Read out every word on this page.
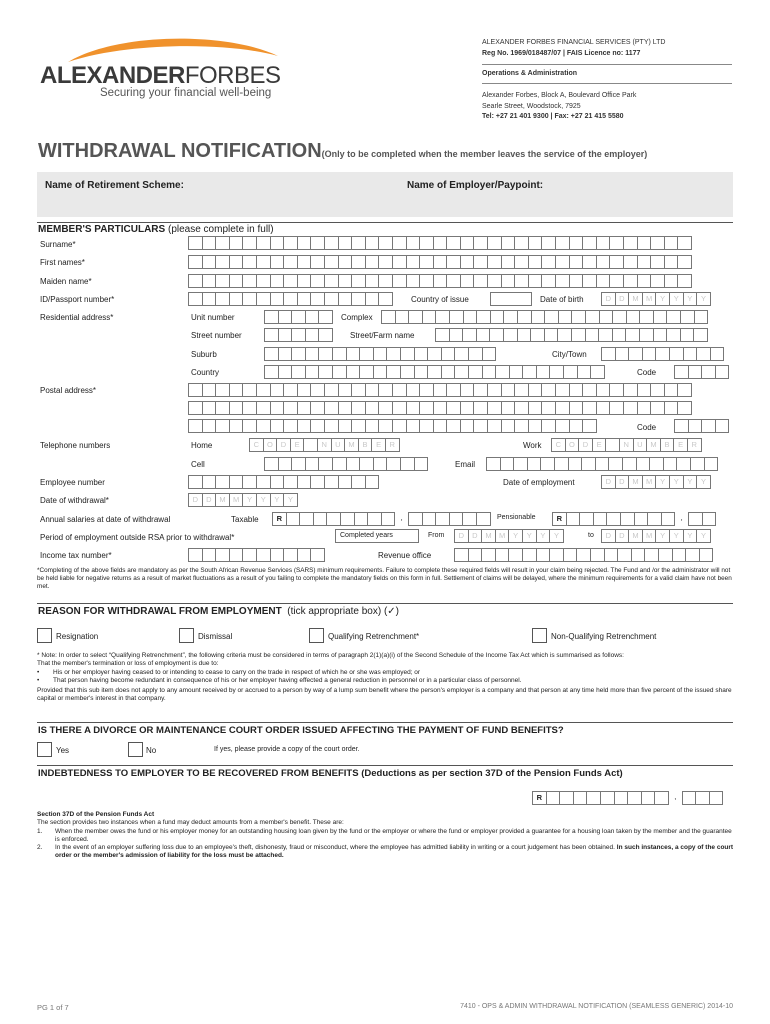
ALEXANDERFORBES
Securing your financial well-being
ALEXANDER FORBES FINANCIAL SERVICES (PTY) LTD
Reg No. 1969/018487/07 | FAIS Licence no: 1177
Operations & Administration
Alexander Forbes, Block A, Boulevard Office Park
Searle Street, Woodstock, 7925
Tel: +27 21 401 9300 | Fax: +27 21 415 5580
WITHDRAWAL NOTIFICATION(Only to be completed when the member leaves the service of the employer)
Name of Retirement Scheme:	Name of Employer/Paypoint:
MEMBER'S PARTICULARS (please complete in full)
Surname*
First names*
Maiden name*
ID/Passport number*	Country of issue	Date of birth	D	D	M M	Y	Y	Y	Y
Residential address*	Unit number	Complex
Street number	Street/Farm name
Suburb	City/Town
Country	Code
Postal address*
Code
Telephone numbers	Home	C	O	D	E	N	U	M	B	E	R	Work	C	O	D	E	N	U	M	B	E	R
Cell	Email
Employee number	Date of employment	D	D	M M	Y	Y	Y	Y
Date of withdrawal*	D	D	M M	Y	Y	Y	Y
Annual salaries at date of withdrawal	Taxable	R	,	Pensionable	R	,
Period of employment outside RSA prior to withdrawal*	Completed years	From	D	D	M M	Y	Y	Y	Y	to	D	D	M M	Y	Y	Y	Y
Income tax number*	Revenue office
*Completing of the above fields are mandatory as per the South African Revenue Services (SARS) minimum requirements. Failure to complete these required fields will result in your claim being rejected. The Fund and /or the administrator will not be held liable for negative returns as a result of market fluctuations as a result of you failing to complete the mandatory fields on this form in full. Settlement of claims will be delayed, where the minimum requirements for a valid claim have not been met.
REASON FOR WITHDRAWAL FROM EMPLOYMENT (tick appropriate box) (✓)
Resignation	Dismissal	Qualifying Retrenchment*	Non-Qualifying Retrenchment
* Note: In order to select “Qualifying Retrenchment”, the following criteria must be considered in terms of paragraph 2(1)(a)(i) of the Second Schedule of the Income Tax Act which is summarised as follows:
That the member's termination or loss of employment is due to:
•	His or her employer having ceased to or intending to cease to carry on the trade in respect of which he or she was employed; or
•	That person having become redundant in consequence of his or her employer having effected a general reduction in personnel or in a particular class of personnel.
Provided that this sub item does not apply to any amount received by or accrued to a person by way of a lump sum benefit where the person's employer is a company and that person at any time held more than five percent of the issued share capital or member's interest in that company.
IS THERE A DIVORCE OR MAINTENANCE COURT ORDER ISSUED AFFECTING THE PAYMENT OF FUND BENEFITS?
Yes	No	If yes, please provide a copy of the court order.
INDEBTEDNESS TO EMPLOYER TO BE RECOVERED FROM BENEFITS (Deductions as per section 37D of the Pension Funds Act)
R	,
Section 37D of the Pension Funds Act
The section provides two instances when a fund may deduct amounts from a member's benefit. These are:
1.	When the member owes the fund or his employer money for an outstanding housing loan given by the fund or the employer or where the fund or employer provided a guarantee for a housing loan taken by the member and the guarantee is enforced.
2.	In the event of an employer suffering loss due to an employee's theft, dishonesty, fraud or misconduct, where the employee has admitted liability in writing or a court judgement has been obtained. In such instances, a copy of the court order or the member's admission of liability for the loss must be attached.
PG 1 of 7	7410 - OPS & ADMIN WITHDRAWAL NOTIFICATION (SEAMLESS GENERIC) 2014-10
